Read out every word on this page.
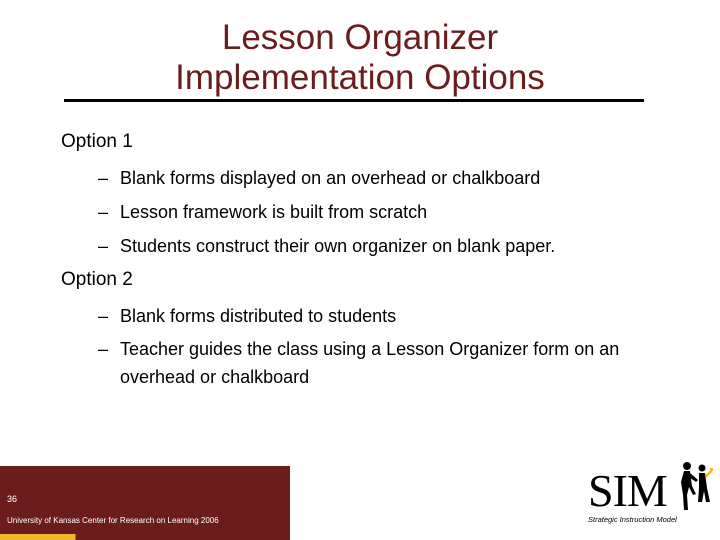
Lesson Organizer
Implementation Options

Option 1

– Blank forms displayed on an overhead or chalkboard
– Lesson framework is built from scratch
– Students construct their own organizer on blank paper.

Option 2

– Blank forms distributed to students
– Teacher guides the class using a Lesson Organizer form on an overhead or chalkboard
36
University of Kansas Center for Research on Learning 2006
SIM
Strategic Instruction Model
